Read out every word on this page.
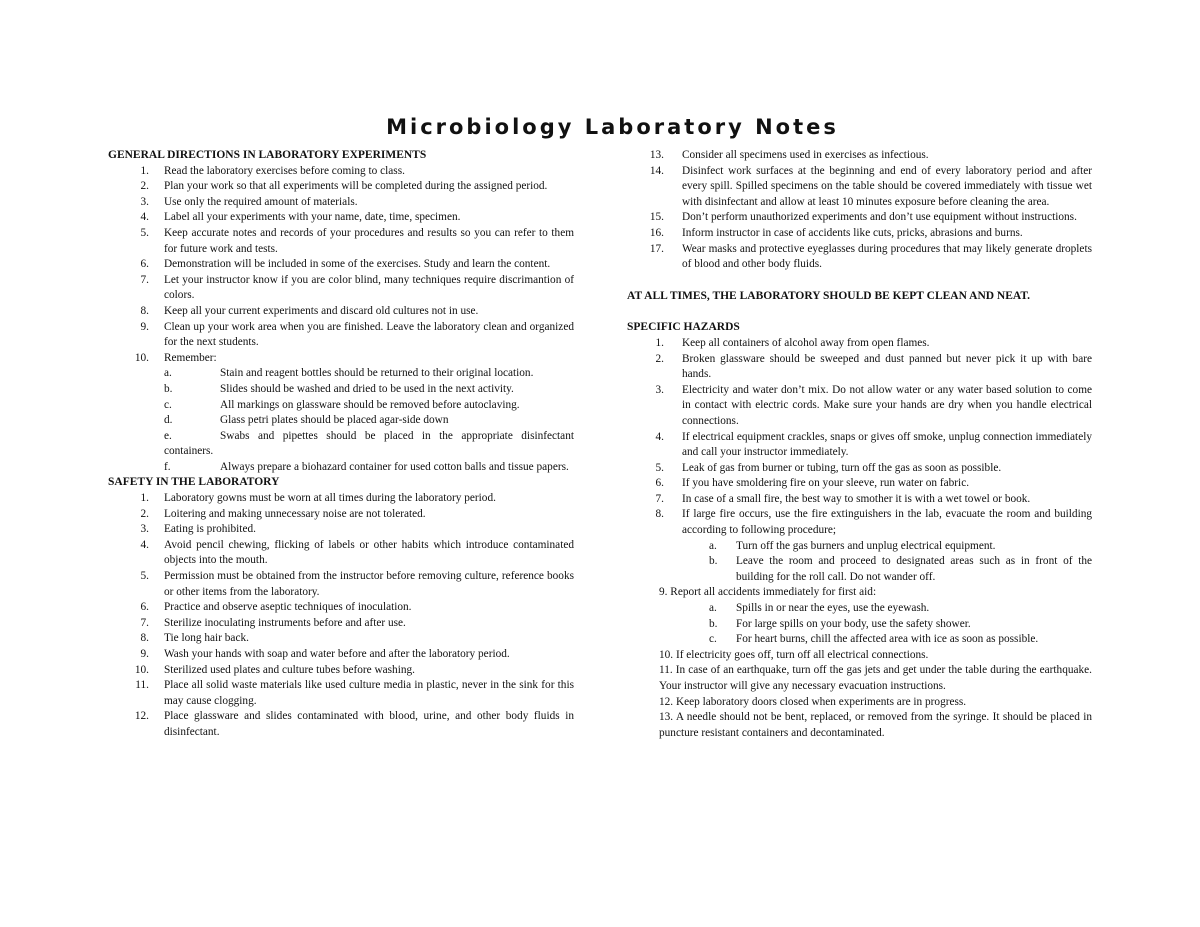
Microbiology Laboratory Notes
GENERAL DIRECTIONS IN LABORATORY EXPERIMENTS
1. Read the laboratory exercises before coming to class.
2. Plan your work so that all experiments will be completed during the assigned period.
3. Use only the required amount of materials.
4. Label all your experiments with your name, date, time, specimen.
5. Keep accurate notes and records of your procedures and results so you can refer to them for future work and tests.
6. Demonstration will be included in some of the exercises. Study and learn the content.
7. Let your instructor know if you are color blind, many techniques require discrimantion of colors.
8. Keep all your current experiments and discard old cultures not in use.
9. Clean up your work area when you are finished. Leave the laboratory clean and organized for the next students.
10. Remember:
a.	Stain and reagent bottles should be returned to their original location.
b.	Slides should be washed and dried to be used in the next activity.
c.	All markings on glassware should be removed before autoclaving.
d.	Glass petri plates should be placed agar-side down
e.	Swabs and pipettes should be placed in the appropriate disinfectant containers.
f.	Always prepare a biohazard container for used cotton balls and tissue papers.
SAFETY IN THE LABORATORY
1. Laboratory gowns must be worn at all times during the laboratory period.
2. Loitering and making unnecessary noise are not tolerated.
3. Eating is prohibited.
4. Avoid pencil chewing, flicking of labels or other habits which introduce contaminated objects into the mouth.
5. Permission must be obtained from the instructor before removing culture, reference books or other items from the laboratory.
6. Practice and observe aseptic techniques of inoculation.
7. Sterilize inoculating instruments before and after use.
8. Tie long hair back.
9. Wash your hands with soap and water before and after the laboratory period.
10. Sterilized used plates and culture tubes before washing.
11. Place all solid waste materials like used culture media in plastic, never in the sink for this may cause clogging.
12. Place glassware and slides contaminated with blood, urine, and other body fluids in disinfectant.
13. Consider all specimens used in exercises as infectious.
14. Disinfect work surfaces at the beginning and end of every laboratory period and after every spill. Spilled specimens on the table should be covered immediately with tissue wet with disinfectant and allow at least 10 minutes exposure before cleaning the area.
15. Don’t perform unauthorized experiments and don’t use equipment without instructions.
16. Inform instructor in case of accidents like cuts, pricks, abrasions and burns.
17. Wear masks and protective eyeglasses during procedures that may likely generate droplets of blood and other body fluids.
AT ALL TIMES, THE LABORATORY SHOULD BE KEPT CLEAN AND NEAT.
SPECIFIC HAZARDS
1. Keep all containers of alcohol away from open flames.
2. Broken glassware should be sweeped and dust panned but never pick it up with bare hands.
3. Electricity and water don’t mix. Do not allow water or any water based solution to come in contact with electric cords. Make sure your hands are dry when you handle electrical connections.
4. If electrical equipment crackles, snaps or gives off smoke, unplug connection immediately and call your instructor immediately.
5. Leak of gas from burner or tubing, turn off the gas as soon as possible.
6. If you have smoldering fire on your sleeve, run water on fabric.
7. In case of a small fire, the best way to smother it is with a wet towel or book.
8. If large fire occurs, use the fire extinguishers in the lab, evacuate the room and building according to following procedure;
a. Turn off the gas burners and unplug electrical equipment.
b. Leave the room and proceed to designated areas such as in front of the building for the roll call. Do not wander off.
9. Report all accidents immediately for first aid:
a. Spills in or near the eyes, use the eyewash.
b. For large spills on your body, use the safety shower.
c. For heart burns, chill the affected area with ice as soon as possible.
10. If electricity goes off, turn off all electrical connections.
11. In case of an earthquake, turn off the gas jets and get under the table during the earthquake. Your instructor will give any necessary evacuation instructions.
12. Keep laboratory doors closed when experiments are in progress.
13. A needle should not be bent, replaced, or removed from the syringe. It should be placed in puncture resistant containers and decontaminated.
